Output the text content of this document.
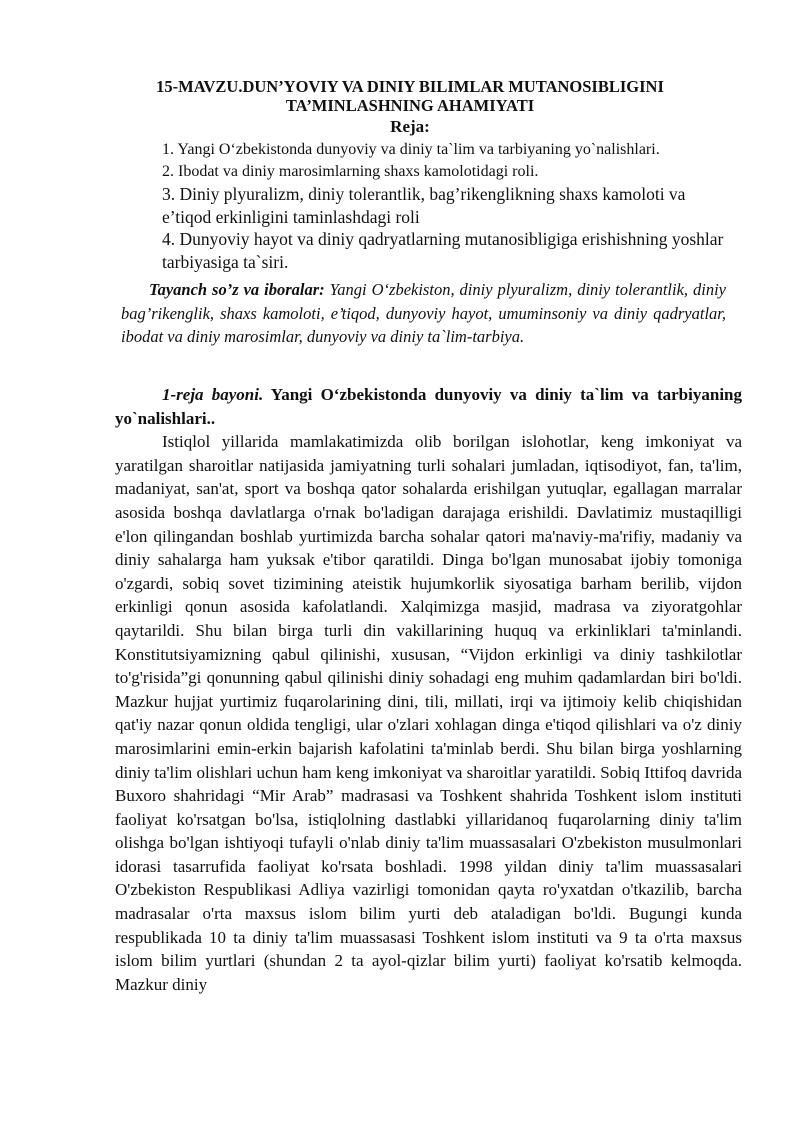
15-MAVZU.DUN’YOVIY VA DINIY BILIMLAR MUTANOSIBLIGINI
TA’MINLASHNING AHAMIYATI
Reja:
1. Yangi O‘zbekistonda dunyoviy va diniy ta`lim va tarbiyaning yo`nalishlari.
2. Ibodat va diniy marosimlarning shaxs kamolotidagi roli.
3. Diniy plyuralizm, diniy tolerantlik, bag’rikenglikning shaxs kamoloti va e’tiqod erkinligini taminlashdagi roli
4. Dunyoviy hayot va diniy qadryatlarning mutanosibligiga erishishning yoshlar tarbiyasiga ta`siri.
Tayanch so’z va iboralar: Yangi O‘zbekiston, diniy plyuralizm, diniy tolerantlik, diniy bag’rikenglik, shaxs kamoloti, e’tiqod, dunyoviy hayot, umuminsoniy va diniy qadryatlar, ibodat va diniy marosimlar, dunyoviy va diniy ta`lim-tarbiya.

1-reja bayoni. Yangi O‘zbekistonda dunyoviy va diniy ta`lim va tarbiyaning yo`nalishlari..

Istiqlol yillarida mamlakatimizda olib borilgan islohotlar, keng imkoniyat va yaratilgan sharoitlar natijasida jamiyatning turli sohalari jumladan, iqtisodiyot, fan, ta'lim, madaniyat, san'at, sport va boshqa qator sohalarda erishilgan yutuqlar, egallagan marralar asosida boshqa davlatlarga o'rnak bo'ladigan darajaga erishildi. Davlatimiz mustaqilligi e'lon qilingandan boshlab yurtimizda barcha sohalar qatori ma'naviy-ma'rifiy, madaniy va diniy sahalarga ham yuksak e'tibor qaratildi. Dinga bo'lgan munosabat ijobiy tomoniga o'zgardi, sobiq sovet tizimining ateistik hujumkorlik siyosatiga barham berilib, vijdon erkinligi qonun asosida kafolatlandi. Xalqimizga masjid, madrasa va ziyoratgohlar qaytarildi. Shu bilan birga turli din vakillarining huquq va erkinliklari ta'minlandi. Konstitutsiyamizning qabul qilinishi, xususan, “Vijdon erkinligi va diniy tashkilotlar to'g'risida”gi qonunning qabul qilinishi diniy sohadagi eng muhim qadamlardan biri bo'ldi. Mazkur hujjat yurtimiz fuqarolarining dini, tili, millati, irqi va ijtimoiy kelib chiqishidan qat'iy nazar qonun oldida tengligi, ular o'zlari xohlagan dinga e'tiqod qilishlari va o'z diniy marosimlarini emin-erkin bajarish kafolatini ta'minlab berdi. Shu bilan birga yoshlarning diniy ta'lim olishlari uchun ham keng imkoniyat va sharoitlar yaratildi. Sobiq Ittifoq davrida Buxoro shahridagi “Mir Arab” madrasasi va Toshkent shahrida Toshkent islom instituti faoliyat ko'rsatgan bo'lsa, istiqlolning dastlabki yillaridanoq fuqarolarning diniy ta'lim olishga bo'lgan ishtiyoqi tufayli o'nlab diniy ta'lim muassasalari O'zbekiston musulmonlari idorasi tasarrufida faoliyat ko'rsata boshladi. 1998 yildan diniy ta'lim muassasalari O'zbekiston Respublikasi Adliya vazirligi tomonidan qayta ro'yxatdan o'tkazilib, barcha madrasalar o'rta maxsus islom bilim yurti deb ataladigan bo'ldi. Bugungi kunda respublikada 10 ta diniy ta'lim muassasasi Toshkent islom instituti va 9 ta o'rta maxsus islom bilim yurtlari (shundan 2 ta ayol-qizlar bilim yurti) faoliyat ko'rsatib kelmoqda. Mazkur diniy
